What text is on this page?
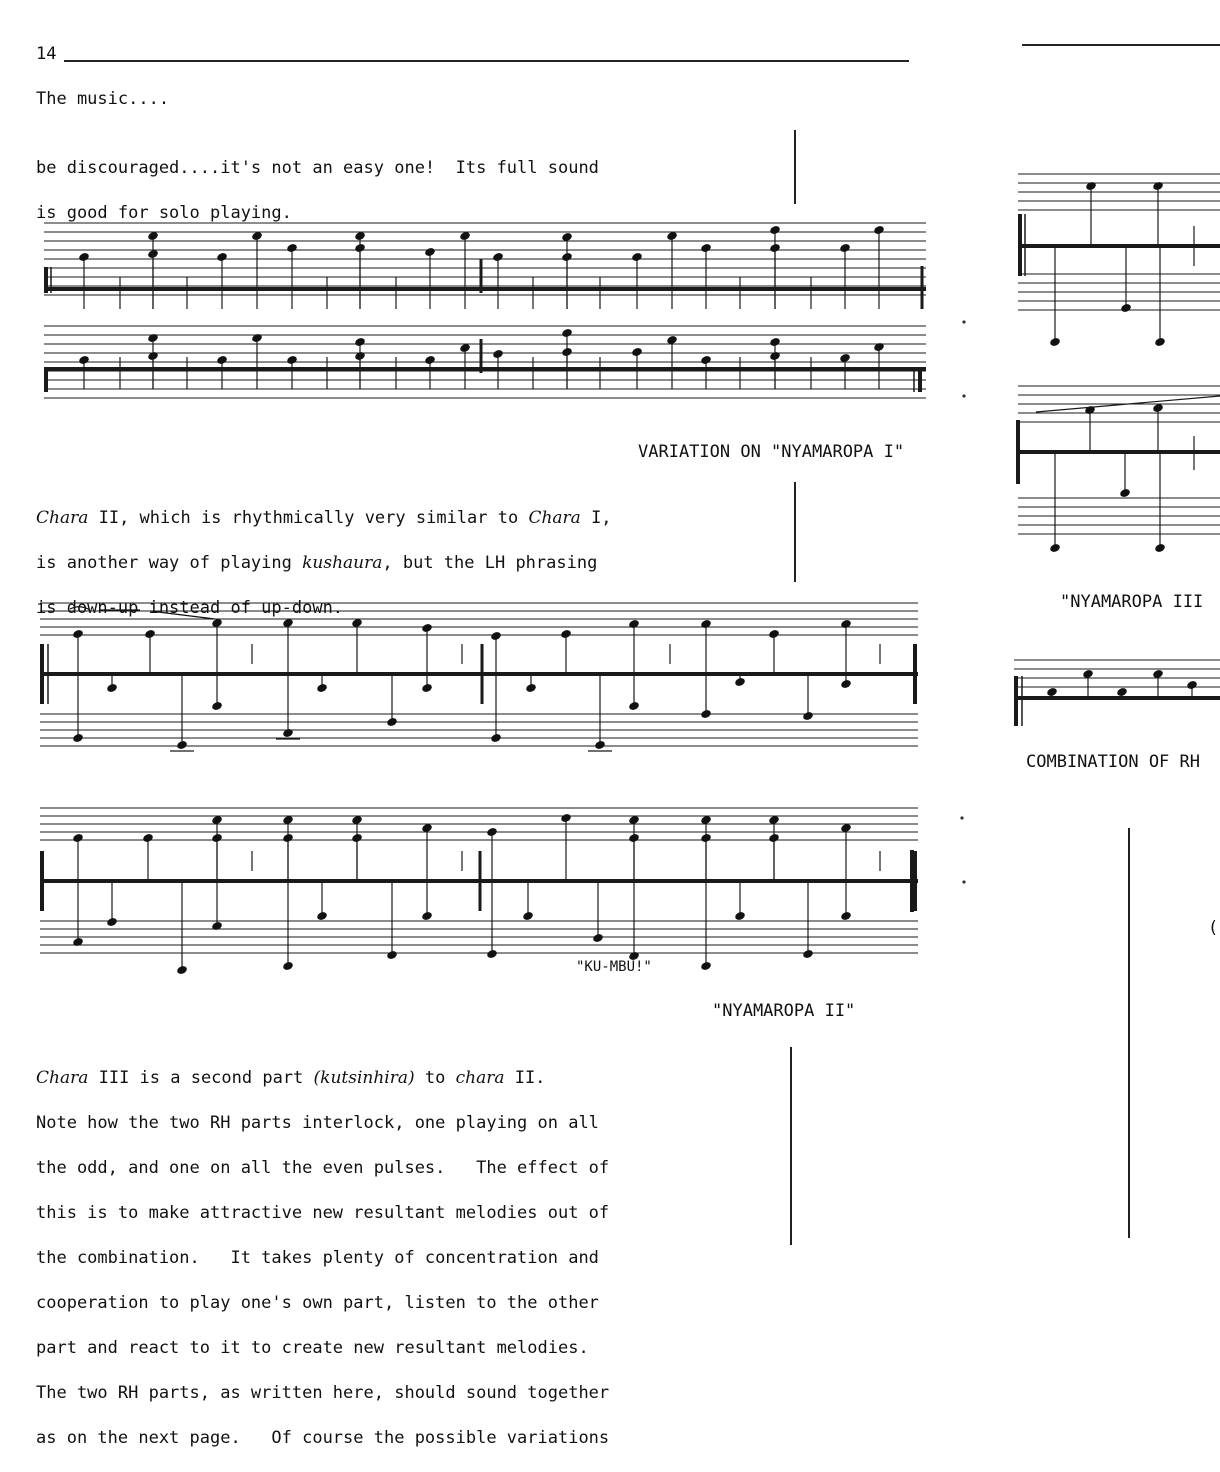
14
The music....

be discouraged....it's not an easy one!  Its full sound

is good for solo playing.

VARIATION ON "NYAMAROPA I"

Chara II, which is rhythmically very similar to Chara I,

is another way of playing kushaura, but the LH phrasing

is down-up instead of up-down.

"KU-MBU!"
"NYAMAROPA II"

Chara III is a second part (kutsinhira) to chara II.

Note how the two RH parts interlock, one playing on all

the odd, and one on all the even pulses.   The effect of

this is to make attractive new resultant melodies out of

the combination.   It takes plenty of concentration and

cooperation to play one's own part, listen to the other

part and react to it to create new resultant melodies.

The two RH parts, as written here, should sound together

as on the next page.   Of course the possible variations

"NYAMAROPA III
COMBINATION OF RH
(
